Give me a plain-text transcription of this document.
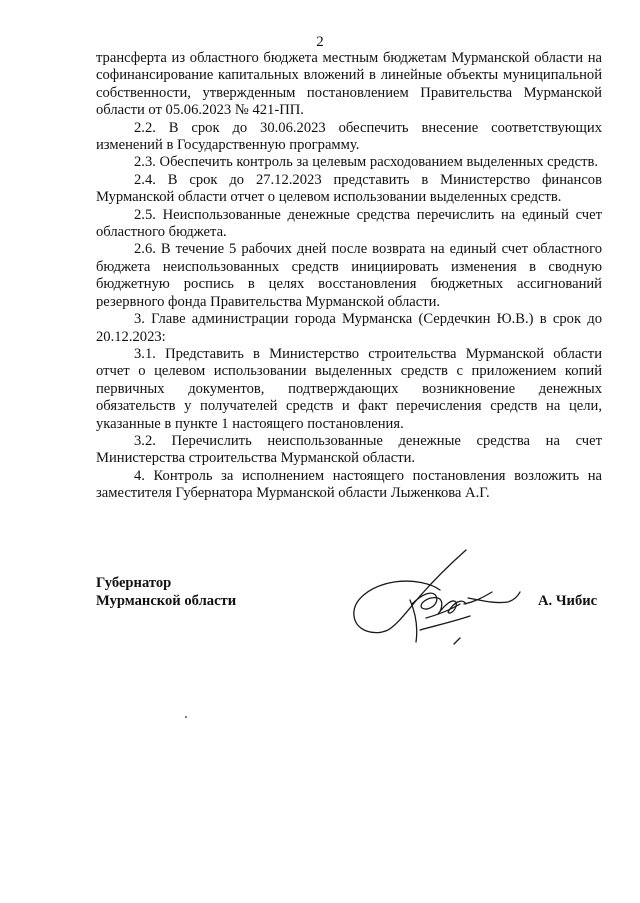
2

трансферта из областного бюджета местным бюджетам Мурманской области на софинансирование капитальных вложений в линейные объекты муниципальной собственности, утвержденным постановлением Правительства Мурманской области от 05.06.2023 № 421-ПП.

2.2. В срок до 30.06.2023 обеспечить внесение соответствующих изменений в Государственную программу.

2.3. Обеспечить контроль за целевым расходованием выделенных средств.

2.4. В срок до 27.12.2023 представить в Министерство финансов Мурманской области отчет о целевом использовании выделенных средств.

2.5. Неиспользованные денежные средства перечислить на единый счет областного бюджета.

2.6. В течение 5 рабочих дней после возврата на единый счет областного бюджета неиспользованных средств инициировать изменения в сводную бюджетную роспись в целях восстановления бюджетных ассигнований резервного фонда Правительства Мурманской области.

3. Главе администрации города Мурманска (Сердечкин Ю.В.) в срок до 20.12.2023:

3.1. Представить в Министерство строительства Мурманской области отчет о целевом использовании выделенных средств с приложением копий первичных документов, подтверждающих возникновение денежных обязательств у получателей средств и факт перечисления средств на цели, указанные в пункте 1 настоящего постановления.

3.2. Перечислить неиспользованные денежные средства на счет Министерства строительства Мурманской области.

4. Контроль за исполнением настоящего постановления возложить на заместителя Губернатора Мурманской области Лыженкова А.Г.

Губернатор
Мурманской области	А. Чибис
